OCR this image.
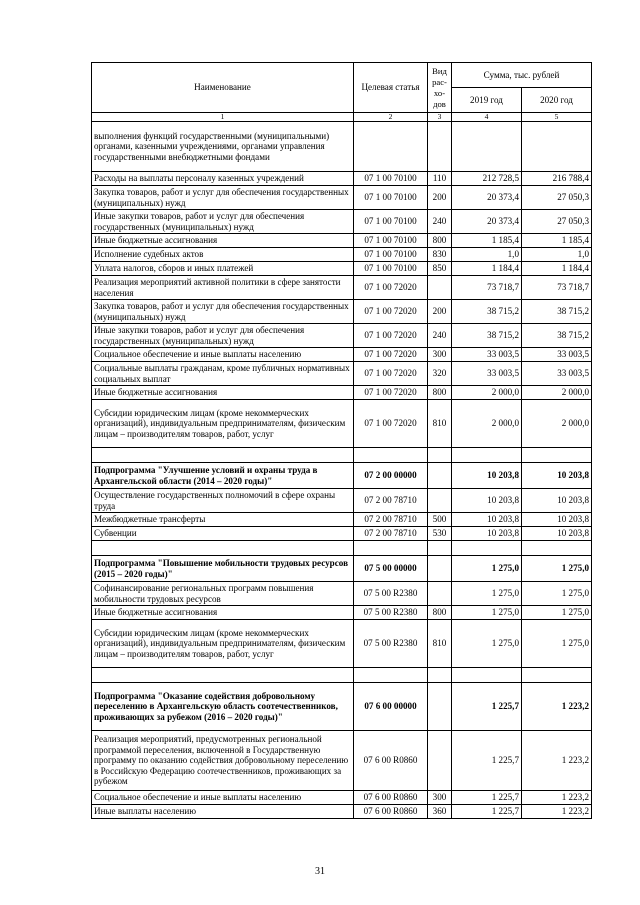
Наименование	Целевая статья	Вид рас-хо-дов	Сумма, тыс. рублей	
			2019 год	2020 год
1	2	3	4	5
выполнения функций государственными (муниципальными) органами, казенными учреждениями, органами управления государственными внебюджетными фондами				
Расходы на выплаты персоналу казенных учреждений	07 1 00 70100	110	212 728,5	216 788,4
Закупка товаров, работ и услуг для обеспечения государственных (муниципальных) нужд	07 1 00 70100	200	20 373,4	27 050,3
Иные закупки товаров, работ и услуг для обеспечения государственных (муниципальных) нужд	07 1 00 70100	240	20 373,4	27 050,3
Иные бюджетные ассигнования	07 1 00 70100	800	1 185,4	1 185,4
Исполнение судебных актов	07 1 00 70100	830	1,0	1,0
Уплата налогов, сборов и иных платежей	07 1 00 70100	850	1 184,4	1 184,4
Реализация мероприятий активной политики в сфере занятости населения	07 1 00 72020		73 718,7	73 718,7
Закупка товаров, работ и услуг для обеспечения государственных (муниципальных) нужд	07 1 00 72020	200	38 715,2	38 715,2
Иные закупки товаров, работ и услуг для обеспечения государственных (муниципальных) нужд	07 1 00 72020	240	38 715,2	38 715,2
Социальное обеспечение и иные выплаты населению	07 1 00 72020	300	33 003,5	33 003,5
Социальные выплаты гражданам, кроме публичных нормативных социальных выплат	07 1 00 72020	320	33 003,5	33 003,5
Иные бюджетные ассигнования	07 1 00 72020	800	2 000,0	2 000,0
Субсидии юридическим лицам (кроме некоммерческих организаций), индивидуальным предпринимателям, физическим лицам – производителям товаров, работ, услуг	07 1 00 72020	810	2 000,0	2 000,0

Подпрограмма "Улучшение условий и охраны труда в Архангельской области (2014 – 2020 годы)"	07 2 00 00000		10 203,8	10 203,8
Осуществление государственных полномочий в сфере охраны труда	07 2 00 78710		10 203,8	10 203,8
Межбюджетные трансферты	07 2 00 78710	500	10 203,8	10 203,8
Субвенции	07 2 00 78710	530	10 203,8	10 203,8

Подпрограмма "Повышение мобильности трудовых ресурсов (2015 – 2020 годы)"	07 5 00 00000		1 275,0	1 275,0
Софинансирование региональных программ повышения мобильности трудовых ресурсов	07 5 00 R2380		1 275,0	1 275,0
Иные бюджетные ассигнования	07 5 00 R2380	800	1 275,0	1 275,0
Субсидии юридическим лицам (кроме некоммерческих организаций), индивидуальным предпринимателям, физическим лицам – производителям товаров, работ, услуг	07 5 00 R2380	810	1 275,0	1 275,0

Подпрограмма "Оказание содействия добровольному переселению в Архангельскую область соотечественников, проживающих за рубежом (2016 – 2020 годы)"	07 6 00 00000		1 225,7	1 223,2
Реализация мероприятий, предусмотренных региональной программой переселения, включенной в Государственную программу по оказанию содействия добровольному переселению в Российскую Федерацию соотечественников, проживающих за рубежом	07 6 00 R0860		1 225,7	1 223,2
Социальное обеспечение и иные выплаты населению	07 6 00 R0860	300	1 225,7	1 223,2
Иные выплаты населению	07 6 00 R0860	360	1 225,7	1 223,2
31
